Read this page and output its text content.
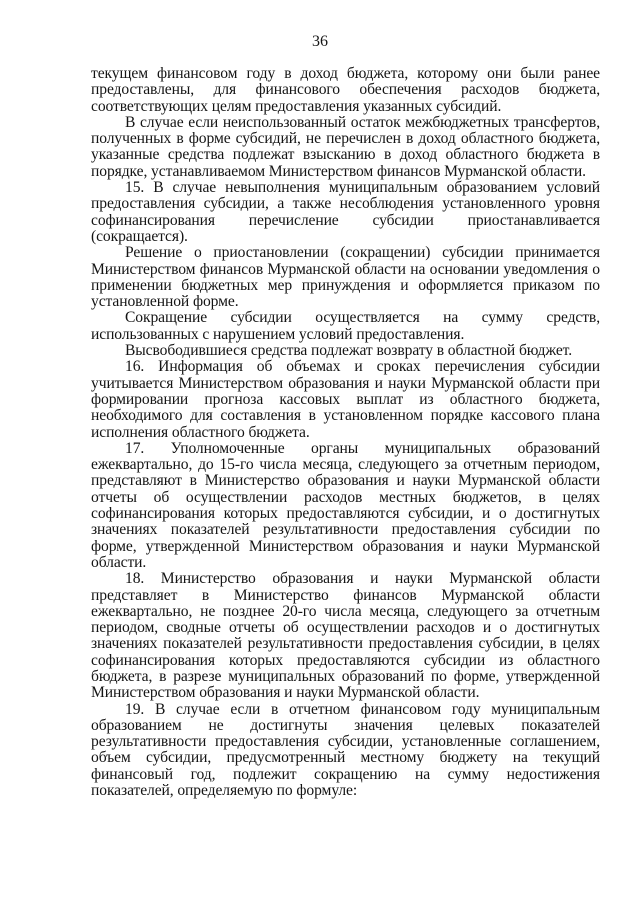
36

текущем финансовом году в доход бюджета, которому они были ранее предоставлены, для финансового обеспечения расходов бюджета, соответствующих целям предоставления указанных субсидий.

В случае если неиспользованный остаток межбюджетных трансфертов, полученных в форме субсидий, не перечислен в доход областного бюджета, указанные средства подлежат взысканию в доход областного бюджета в порядке, устанавливаемом Министерством финансов Мурманской области.

15. В случае невыполнения муниципальным образованием условий предоставления субсидии, а также несоблюдения установленного уровня софинансирования перечисление субсидии приостанавливается (сокращается).

Решение о приостановлении (сокращении) субсидии принимается Министерством финансов Мурманской области на основании уведомления о применении бюджетных мер принуждения и оформляется приказом по установленной форме.

Сокращение субсидии осуществляется на сумму средств, использованных с нарушением условий предоставления.

Высвободившиеся средства подлежат возврату в областной бюджет.

16. Информация об объемах и сроках перечисления субсидии учитывается Министерством образования и науки Мурманской области при формировании прогноза кассовых выплат из областного бюджета, необходимого для составления в установленном порядке кассового плана исполнения областного бюджета.

17. Уполномоченные органы муниципальных образований ежеквартально, до 15-го числа месяца, следующего за отчетным периодом, представляют в Министерство образования и науки Мурманской области отчеты об осуществлении расходов местных бюджетов, в целях софинансирования которых предоставляются субсидии, и о достигнутых значениях показателей результативности предоставления субсидии по форме, утвержденной Министерством образования и науки Мурманской области.

18. Министерство образования и науки Мурманской области представляет в Министерство финансов Мурманской области ежеквартально, не позднее 20-го числа месяца, следующего за отчетным периодом, сводные отчеты об осуществлении расходов и о достигнутых значениях показателей результативности предоставления субсидии, в целях софинансирования которых предоставляются субсидии из областного бюджета, в разрезе муниципальных образований по форме, утвержденной Министерством образования и науки Мурманской области.

19. В случае если в отчетном финансовом году муниципальным образованием не достигнуты значения целевых показателей результативности предоставления субсидии, установленные соглашением, объем субсидии, предусмотренный местному бюджету на текущий финансовый год, подлежит сокращению на сумму недостижения показателей, определяемую по формуле:
